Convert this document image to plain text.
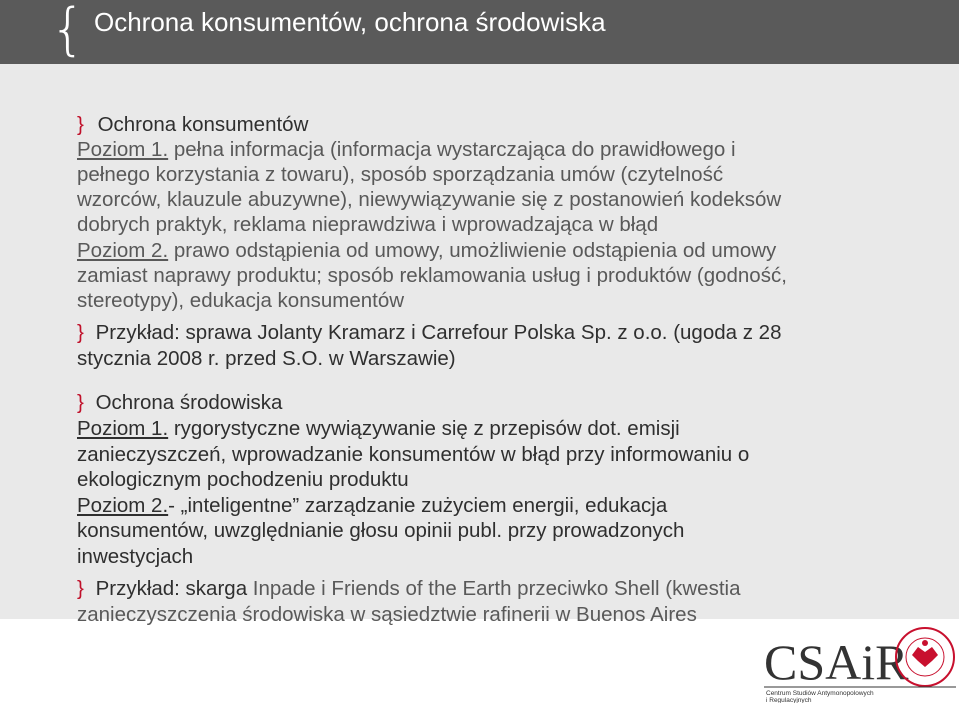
{ Ochrona konsumentów, ochrona środowiska
} Ochrona konsumentów
Poziom 1. pełna informacja (informacja wystarczająca do prawidłowego i
pełnego korzystania z towaru), sposób sporządzania umów (czytelność
wzorców, klauzule abuzywne), niewywiązywanie się z postanowień kodeksów
dobrych praktyk, reklama nieprawdziwa i wprowadzająca w błąd
Poziom 2. prawo odstąpienia od umowy, umożliwienie odstąpienia od umowy
zamiast naprawy produktu; sposób reklamowania usług i produktów (godność,
stereotypy), edukacja konsumentów
} Przykład: sprawa Jolanty Kramarz i Carrefour Polska Sp. z o.o. (ugoda z 28
stycznia 2008 r. przed S.O. w Warszawie)
} Ochrona środowiska
Poziom 1. rygorystyczne wywiązywanie się z przepisów dot. emisji
zanieczyszczeń, wprowadzanie konsumentów w błąd przy informowaniu o
ekologicznym pochodzeniu produktu
Poziom 2.- „inteligentne” zarządzanie zużyciem energii, edukacja
konsumentów, uwzględnianie głosu opinii publ. przy prowadzonych
inwestycjach
} Przykład: skarga Inpade i Friends of the Earth przeciwko Shell (kwestia
zanieczyszczenia środowiska w sąsiedztwie rafinerii w Buenos Aires
CSAiR
Centrum Studiów Antymonopolowych
i Regulacyjnych
